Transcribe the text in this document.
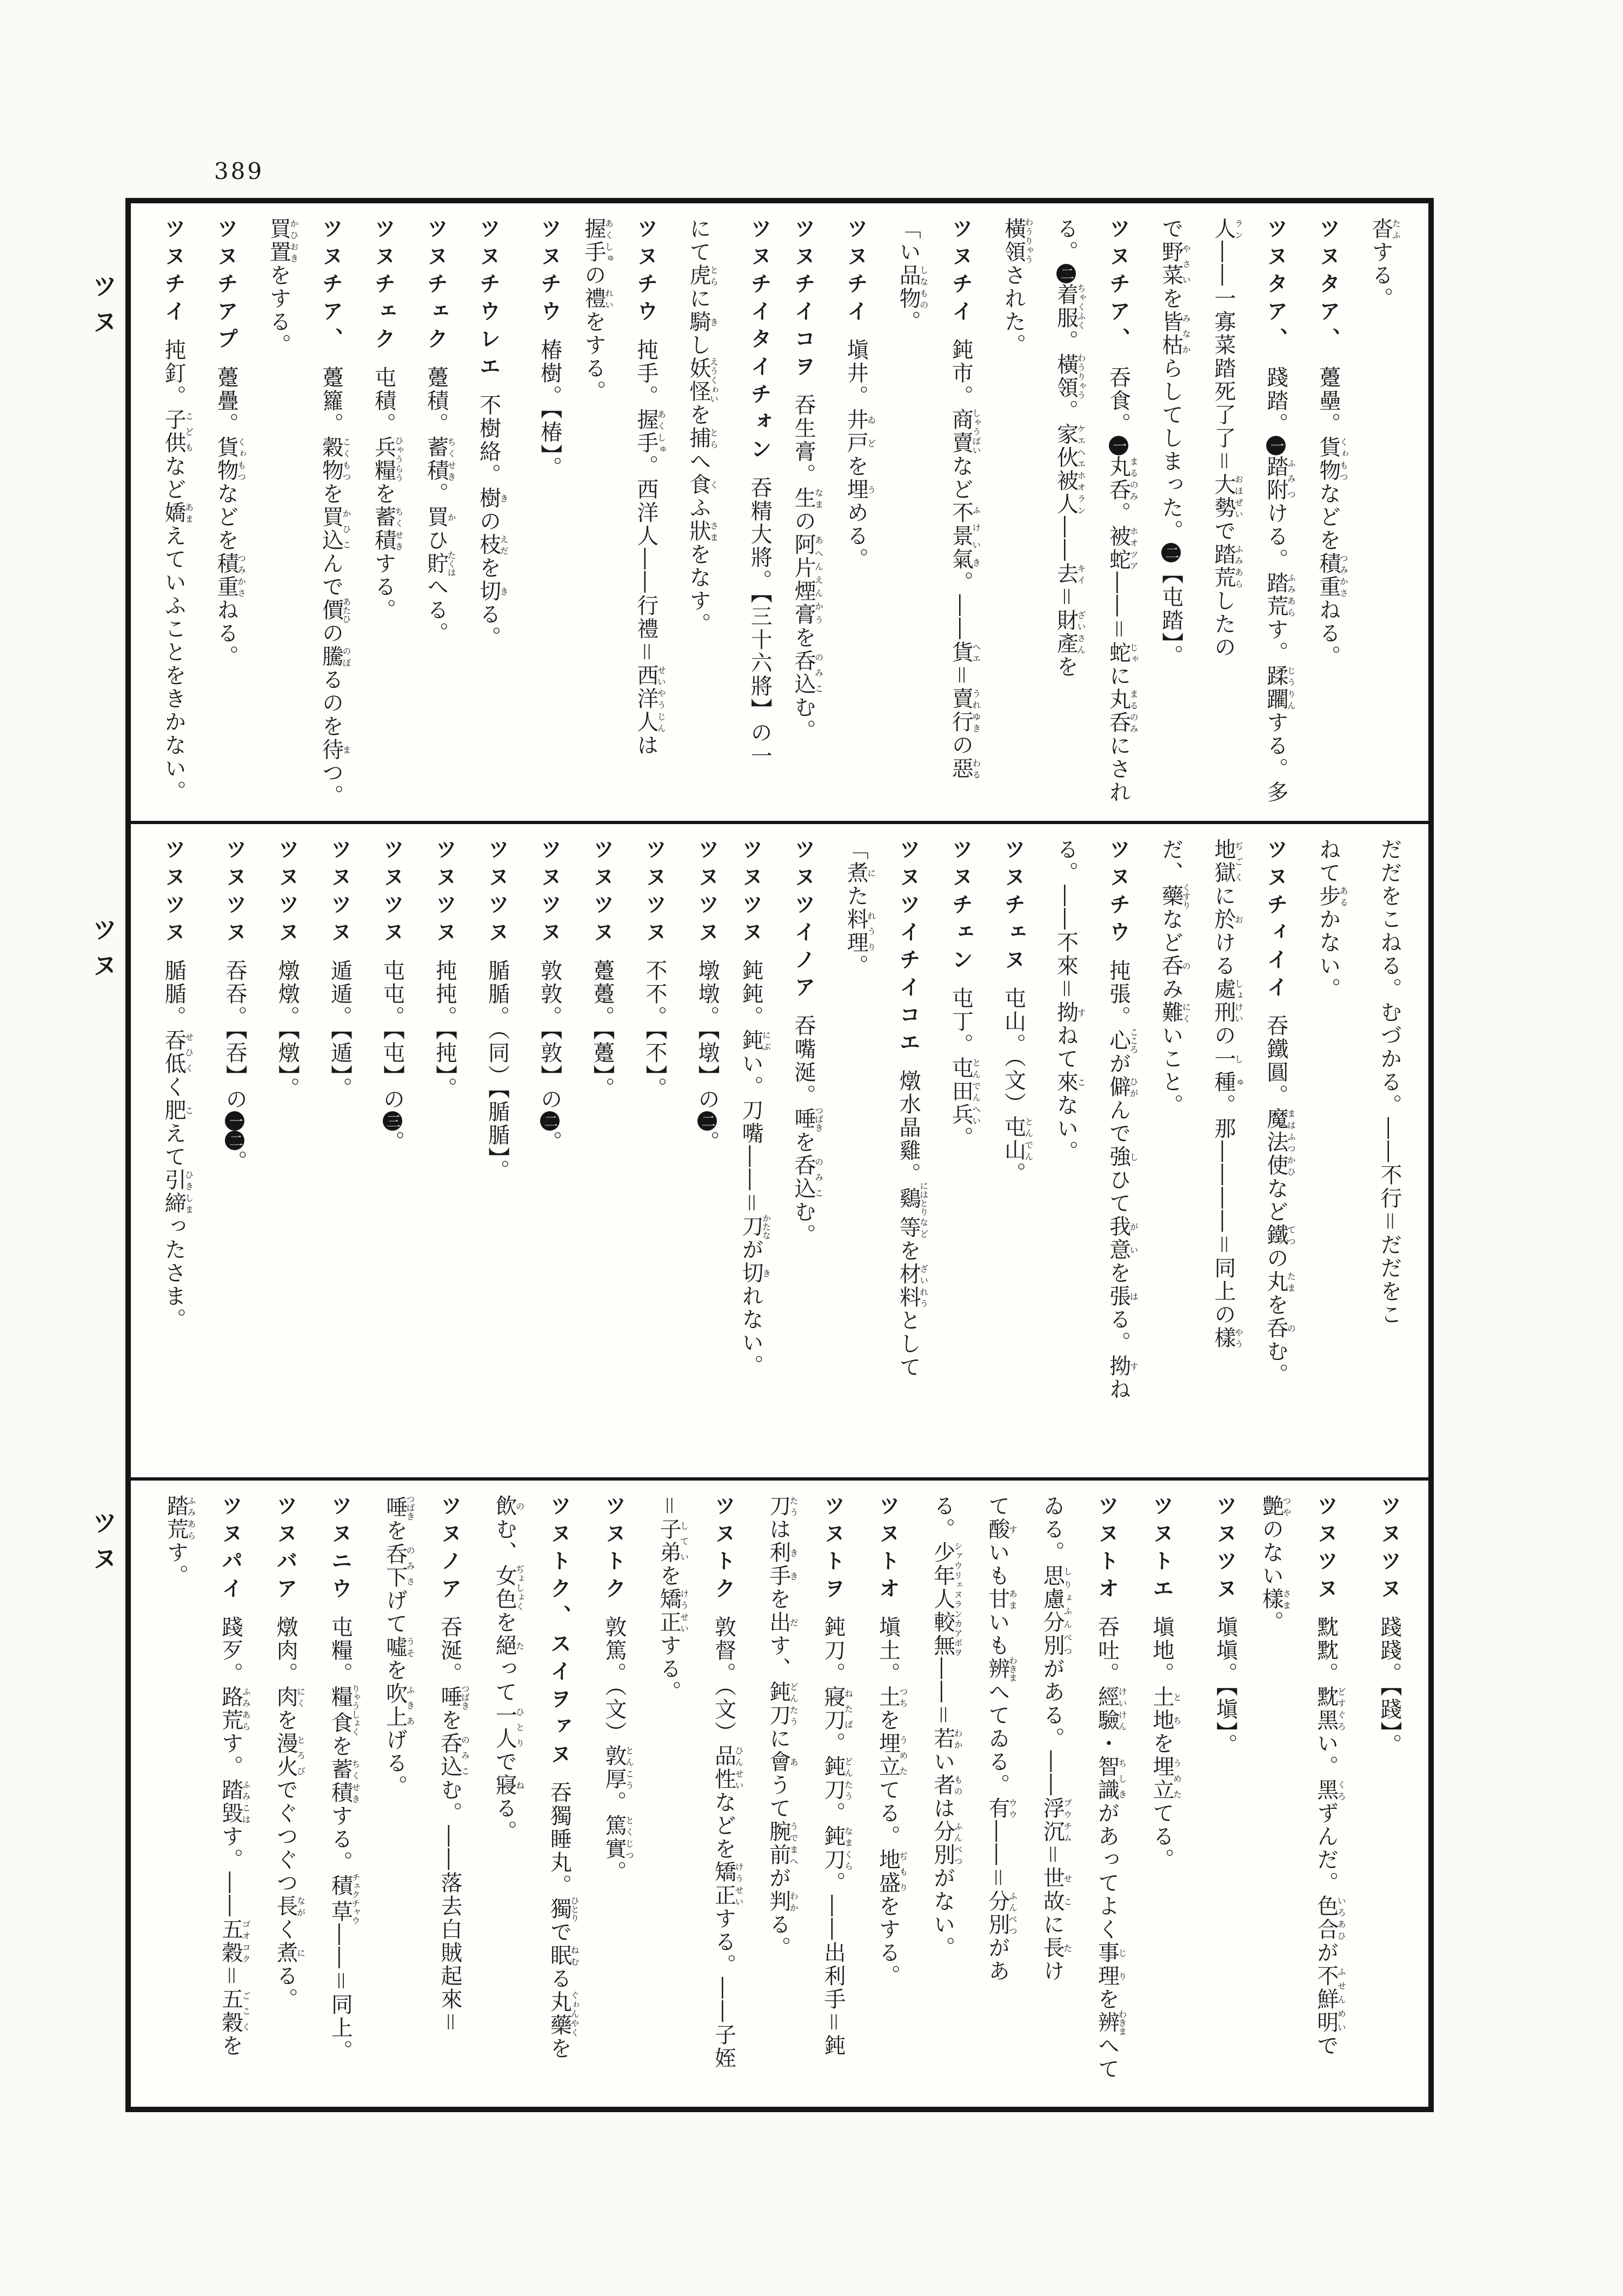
389
ツヌ
ツヌ
ツヌ
沓たふする。
ツヌタア、躉壘。貨物くゎもつなどを積重つみかさねる。
ツヌタア、踐踏。一踏附ふみつける。踏荒ふみあらす。蹂躙じうりんする。多
人ラン――一寡菜踏死了了＝大勢おほぜいで踏荒ふみあらしたの
で野菜やさいを皆枯みなからしてしまった。二【屯踏】。
ツヌチア、吞食。一丸呑まるのみ。被蛇ホオツア――＝蛇じゃに丸呑まるのみにされ
る。二着服ちゃくふく。橫領わうりゃう。家伙被人ケエヘエホオラン――去キイ＝財產ざいさんを
橫領わうりゃうされた。
ツヌチイ鈍市。商賣しゃうばいなど不景氣ふけいき。――貨ヘエ＝賣行うれゆきの惡わる
「い品物しなもの。
ツヌチイ塡井。井戸ゐどを埋うめる。
ツヌチイコヲ吞生膏。生なまの阿片煙膏あへんえんかうを呑込のみこむ。
ツヌチイタイチォン吞精大將。【三十六將】の一
にて虎とらに騎きし妖怪えうくゎいを捕とらへ食くふ狀さまをなす。
ツヌチウ扽手。握手あくしゅ。西洋人――行禮＝西洋人せいやうじんは
握手あくしゅの禮れいをする。
ツヌチウ椿樹。【椿】。
ツヌチウレエ不樹絡。樹きの枝えだを切きる。
ツヌチェク躉積。蓄積ちくせき。買かひ貯たくはへる。
ツヌチェク屯積。兵糧ひゃうらうを蓄積ちくせきする。
ツヌチア、躉籮。穀物こくもつを買込かひこんで價あたひの騰のぼるのを待まつ。
買置かひおきをする。
ツヌチアプ躉疊。貨物くゎもつなどを積重つみかさねる。
ツヌチイ扽釘。子供こどもなど嬌あまえていふことをきかない。
だだをこねる。むづかる。――不行＝だだをこ
ねて步あるかない。
ツヌチィイイ吞鐵圓。魔法使まはふつかひなど鐵てつの丸たまを呑のむ。
地獄ぢごくに於おける處刑しょけいの一種しゅ。那――――＝同上の樣やう
だ、藥くすりなど呑のみ難にくいこと。
ツヌチウ扽張。心こころが僻ひがんで強しひて我意がいを張はる。拗すね
る。――不來＝拗すねて來こない。
ツヌチェヌ屯山。（文）屯山とんでん。
ツヌチェン屯丁。屯田兵とんでんへい。
ツヌツイチイコエ燉水晶雞。鷄にはとり等などを材料ざいれうとして
「煮にた料理れうり。
ツヌツイノア吞嘴涎。唾つばきを呑込のみこむ。
ツヌツヌ鈍鈍。鈍にぶい。刀嘴――＝刀かたなが切きれない。
ツヌツヌ墩墩。【墩】の二。
ツヌツヌ不不。【不】。
ツヌツヌ躉躉。【躉】。
ツヌツヌ敦敦。【敦】の二。
ツヌツヌ腯腯。（同）【腯腯】。
ツヌツヌ扽扽。【扽】。
ツヌツヌ屯屯。【屯】の三。
ツヌツヌ遁遁。【遁】。
ツヌツヌ燉燉。【燉】。
ツヌツヌ吞吞。【吞】の一二。
ツヌツヌ腯腯。吞低せひくく肥こえて引締ひきしまったさま。
ツヌツヌ踐踐。【踐】。
ツヌツヌ黕黕。黕黑どすぐろい。黑くろずんだ。色合いろあひが不鮮明ふせんめいで
艶つやのない樣さま。
ツヌツヌ塡塡。【塡】。
ツヌトエ塡地。土地とちを埋立うめたてる。
ツヌトオ吞吐。經驗けいけん・智識ちしきがあってよく事理じりを辨わきまへて
ゐる。思慮分別しりょふんべつがある。――浮沉プウチム＝世故せこに長たけ
て酸すいも甘あまいも辨わきまへてゐる。有ウウ――＝分別ふんべつがあ
る。少年人較無シァウリェヌランカアボヲ――＝若わかい者ものは分別ふんべつがない。
ツヌトオ塡土。土つちを埋立うめたてる。地盛ぢもりをする。
ツヌトヲ鈍刀。寢刀ねたば。鈍刀どんたう。鈍刀なまくら。――出利手＝鈍
刀たうは利手ききを出だす、鈍刀どんたうに會あうて腕前うでまへが判わかる。
ツヌトク敦督。（文）品性ひんせいなどを矯正けうせいする。――子姪
＝子弟していを矯正けうせいする。
ツヌトク敦篤。（文）敦厚とんこう。篤實とくじつ。
ツヌトク、スイヲァヌ吞獨睡丸。獨ひとりで眠ねむる丸藥ぐゎんやくを
飲のむ、女色ぢょしょくを絕たって一人ひとりで寢ねる。
ツヌノア吞涎。唾つばきを呑込のみこむ。――落去白賊起來＝
唾つばきを呑下のみさげて噓うそを吹上ふきあげる。
ツヌニウ屯糧。糧食りゃうしょくを蓄積ちくせきする。積草チェクチャウ――＝同上。
ツヌバア燉肉。肉にくを漫火とろびでぐつぐつ長ながく煮にる。
ツヌパイ踐歹。路荒ふみあらす。踏毀ふみこはす。――五穀ゴオコク＝五穀ごこくを
踏荒ふみあらす。
